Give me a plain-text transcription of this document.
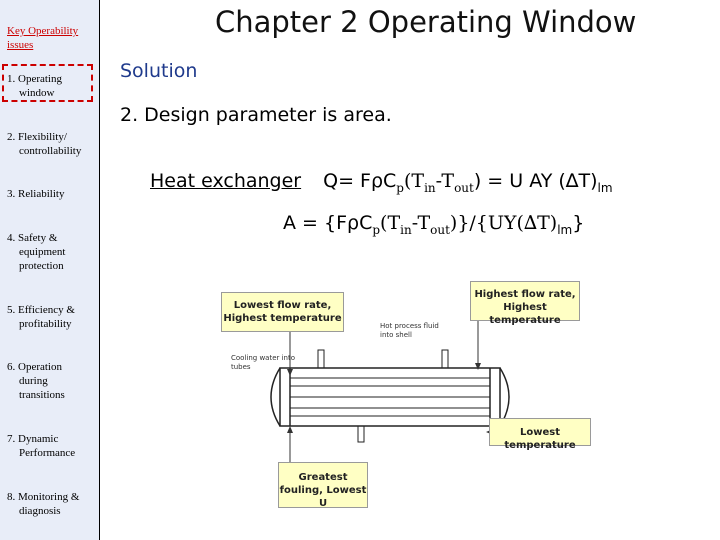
Key Operability issues
1. Operating
window
2. Flexibility/
controllability
3. Reliability
4. Safety &
equipment
protection
5. Efficiency &
profitability
6. Operation
during
transitions
7. Dynamic
Performance
8. Monitoring &
diagnosis
Chapter 2 Operating Window
Solution
2. Design parameter is area.
Heat exchanger $Q= F\rho C_p(T_{in}-T_{out}) = U$ AY $(\Delta T)_{lm}$
$A = \{F\rho C_p(T_{in}-T_{out})\}/\{UY(\Delta T)_{lm}\}$
Lowest flow rate, Highest temperature
Highest flow rate, Highest temperature
Lowest temperature
Greatest fouling, Lowest U
Hot process fluid into shell
Cooling water into tubes
